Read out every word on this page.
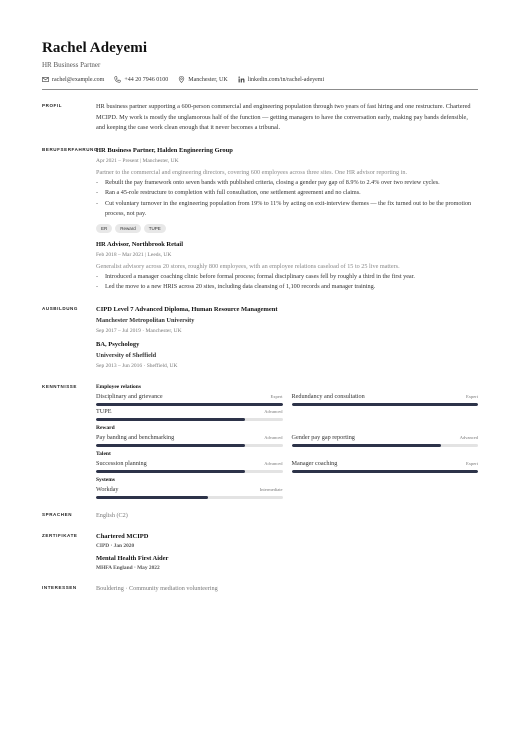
Rachel Adeyemi
HR Business Partner
rachel@example.com	+44 20 7946 0100	Manchester, UK	linkedin.com/in/rachel-adeyemi
PROFIL	HR business partner supporting a 600-person commercial and engineering population through two years of fast hiring and one restructure. Chartered MCIPD. My work is mostly the unglamorous half of the function — getting managers to have the conversation early, making pay bands defensible, and keeping the case work clean enough that it never becomes a tribunal.
BERUFSERFAHRUNG
HR Business Partner, Halden Engineering Group
Apr 2021 – Present | Manchester, UK
Partner to the commercial and engineering directors, covering 600 employees across three sites. One HR advisor reporting in.
- Rebuilt the pay framework onto seven bands with published criteria, closing a gender pay gap of 8.9% to 2.4% over two review cycles.
- Ran a 45-role restructure to completion with full consultation, one settlement agreement and no claims.
- Cut voluntary turnover in the engineering population from 19% to 11% by acting on exit-interview themes — the fix turned out to be the promotion process, not pay.
ER	Reward	TUPE
HR Advisor, Northbrook Retail
Feb 2018 – Mar 2021 | Leeds, UK
Generalist advisory across 20 stores, roughly 800 employees, with an employee relations caseload of 15 to 25 live matters.
- Introduced a manager coaching clinic before formal process; formal disciplinary cases fell by roughly a third in the first year.
- Led the move to a new HRIS across 20 sites, including data cleansing of 1,100 records and manager training.
AUSBILDUNG	CIPD Level 7 Advanced Diploma, Human Resource Management
Manchester Metropolitan University
Sep 2017 – Jul 2019 · Manchester, UK
BA, Psychology
University of Sheffield
Sep 2013 – Jun 2016 · Sheffield, UK
KENNTNISSE	Employee relations
Disciplinary and grievance	Expert Redundancy and consultation	Expert
TUPE	Advanced
Reward
Pay banding and benchmarking	Advanced Gender pay gap reporting	Advanced
Talent
Succession planning	Advanced Manager coaching	Expert
Systems
Workday	Intermediate
SPRACHEN	English (C2)
ZERTIFIKATE	Chartered MCIPD
CIPD · Jan 2020
Mental Health First Aider
MHFA England · May 2022
INTERESSEN	Bouldering · Community mediation volunteering
